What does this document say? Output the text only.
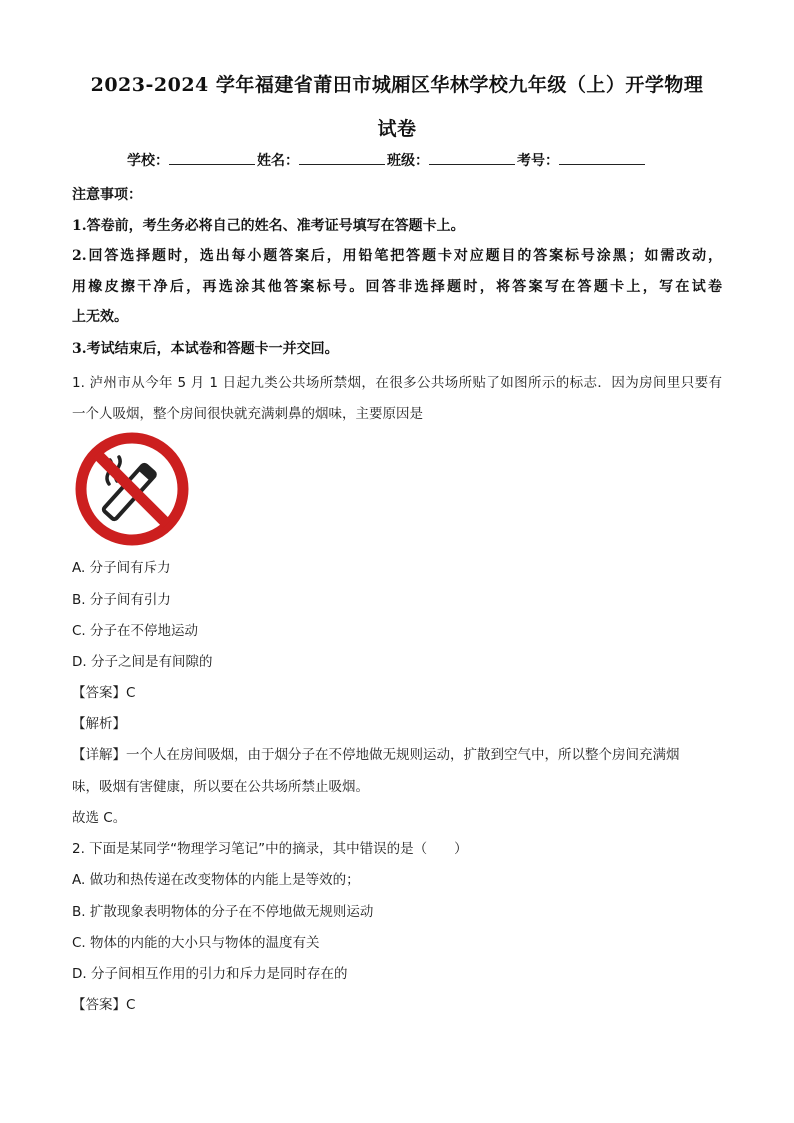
2023-2024 学年福建省莆田市城厢区华林学校九年级（上）开学物理
试卷
学校：	姓名：	班级：	考号：
注意事项：
1.答卷前，考生务必将自己的姓名、准考证号填写在答题卡上。
2.回答选择题时，选出每小题答案后，用铅笔把答题卡对应题目的答案标号涂黑；如需改动，
用橡皮擦干净后，再选涂其他答案标号。回答非选择题时，将答案写在答题卡上，写在试卷
上无效。
3.考试结束后，本试卷和答题卡一并交回。
1. 泸州市从今年 5 月 1 日起九类公共场所禁烟，在很多公共场所贴了如图所示的标志．因为房间里只要有
一个人吸烟，整个房间很快就充满刺鼻的烟味，主要原因是
A. 分子间有斥力
B. 分子间有引力
C. 分子在不停地运动
D. 分子之间是有间隙的
【答案】C
【解析】
【详解】一个人在房间吸烟，由于烟分子在不停地做无规则运动，扩散到空气中，所以整个房间充满烟
味，吸烟有害健康，所以要在公共场所禁止吸烟。
故选 C。
2. 下面是某同学“物理学习笔记”中的摘录，其中错误的是（　　）
A. 做功和热传递在改变物体的内能上是等效的；
B. 扩散现象表明物体的分子在不停地做无规则运动
C. 物体的内能的大小只与物体的温度有关
D. 分子间相互作用的引力和斥力是同时存在的
【答案】C
